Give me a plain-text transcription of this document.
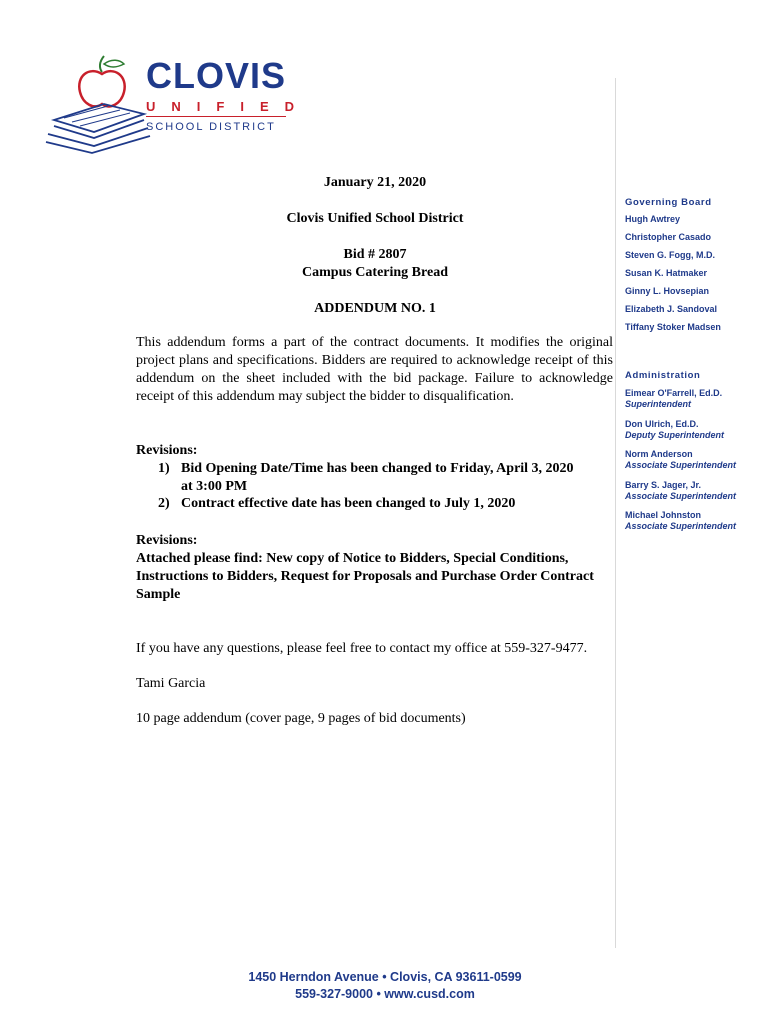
CLOVIS
UNIFIED
SCHOOL DISTRICT
January 21, 2020
Clovis Unified School District
Bid # 2807
Campus Catering Bread
ADDENDUM NO. 1

This addendum forms a part of the contract documents. It modifies the original project plans and specifications. Bidders are required to acknowledge receipt of this addendum on the sheet included with the bid package. Failure to acknowledge receipt of this addendum may subject the bidder to disqualification.

Revisions:
1) Bid Opening Date/Time has been changed to Friday, April 3, 2020
at 3:00 PM
2) Contract effective date has been changed to July 1, 2020
Revisions:

Attached please find: New copy of Notice to Bidders, Special Conditions, Instructions to Bidders, Request for Proposals and Purchase Order Contract Sample

If you have any questions, please feel free to contact my office at 559-327-9477.
Tami Garcia
10 page addendum (cover page, 9 pages of bid documents)
Governing Board
Hugh Awtrey
Christopher Casado
Steven G. Fogg, M.D.
Susan K. Hatmaker
Ginny L. Hovsepian
Elizabeth J. Sandoval
Tiffany Stoker Madsen
Administration
Eimear O'Farrell, Ed.D.
Superintendent
Don Ulrich, Ed.D.
Deputy Superintendent
Norm Anderson
Associate Superintendent
Barry S. Jager, Jr.
Associate Superintendent
Michael Johnston
Associate Superintendent
1450 Herndon Avenue • Clovis, CA 93611-0599
559-327-9000 • www.cusd.com
